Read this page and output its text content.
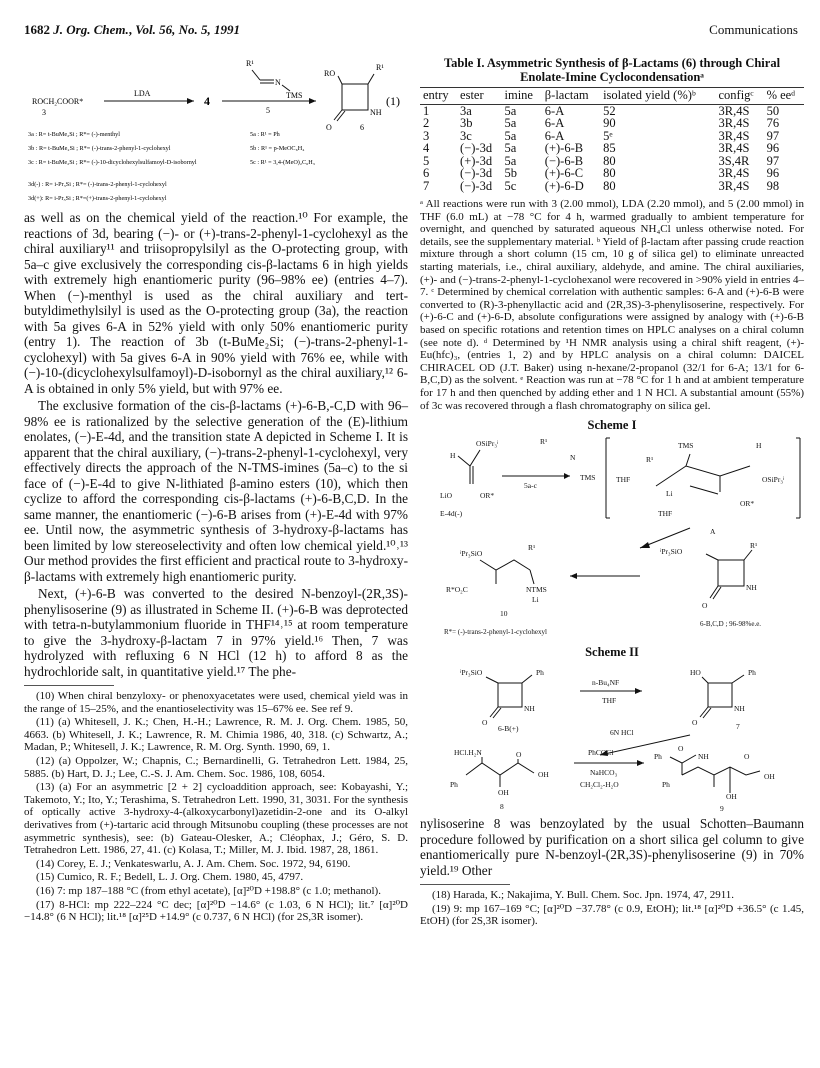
1682 J. Org. Chem., Vol. 56, No. 5, 1991	Communications
ROCH₂COOR*
3
LDA
4
R¹
N
TMS
5
RO
R¹
NH
O	6
(1)
3a : R= t-BuMe₂Si ; R*= (-)-menthyl
3b : R= t-BuMe₂Si ; R*= (-)-trans-2-phenyl-1-cyclohexyl
3c : R= t-BuMe₂Si ; R*= (-)-10-dicyclohexylsulfamoyl-D-isobornyl
3d(-) : R= i-Pr₃Si ; R*= (-)-trans-2-phenyl-1-cyclohexyl
3d(+): R= i-Pr₃Si ; R*=(+)-trans-2-phenyl-1-cyclohexyl
5a : R¹ = Ph
5b : R¹ = p-MeOC₆H₄
5c : R¹ = 3,4-(MeO)₂C₆H₃

as well as on the chemical yield of the reaction.¹⁰ For example, the reactions of 3d, bearing (−)- or (+)-trans-2-phenyl-1-cyclohexyl as the chiral auxiliary¹¹ and triisopropylsilyl as the O-protecting group, with 5a–c give exclusively the corresponding cis-β-lactams 6 in high yields with extremely high enantiomeric purity (96–98% ee) (entries 4–7). When (−)-menthyl is used as the chiral auxiliary and tert-butyldimethylsilyl is used as the O-protecting group (3a), the reaction with 5a gives 6-A in 52% yield with only 50% enantiomeric purity (entry 1). The reaction of 3b (t-BuMe₂Si; (−)-trans-2-phenyl-1-cyclohexyl) with 5a gives 6-A in 90% yield with 76% ee, while with (−)-10-(dicyclohexylsulfamoyl)-D-isobornyl as the chiral auxiliary,¹² 6-A is obtained in only 5% yield, but with 97% ee.

The exclusive formation of the cis-β-lactams (+)-6-B,-C,D with 96–98% ee is rationalized by the selective generation of the (E)-lithium enolates, (−)-E-4d, and the transition state A depicted in Scheme I. It is apparent that the chiral auxiliary, (−)-trans-2-phenyl-1-cyclohexyl, very effectively directs the approach of the N-TMS-imines (5a–c) to the si face of (−)-E-4d to give N-lithiated β-amino esters (10), which then cyclize to afford the corresponding cis-β-lactams (+)-6-B,C,D. In the same manner, the enantiomeric (−)-6-B arises from (+)-E-4d with 97% ee. Until now, the asymmetric synthesis of 3-hydroxy-β-lactams has been limited by low stereoselectivity and often low chemical yield.¹⁰˒¹³ Our method provides the first efficient and practical route to 3-hydroxy-β-lactams with extremely high enantiomeric purity.

Next, (+)-6-B was converted to the desired N-benzoyl-(2R,3S)-phenylisoserine (9) as illustrated in Scheme II. (+)-6-B was deprotected with tetra-n-butylammonium fluoride in THF¹⁴˒¹⁵ at room temperature to give the 3-hydroxy-β-lactam 7 in 97% yield.¹⁶ Then, 7 was hydrolyzed with refluxing 6 N HCl (12 h) to afford 8 as the hydrochloride salt, in quantitative yield.¹⁷ The phe-

(10) When chiral benzyloxy- or phenoxyacetates were used, chemical yield was in the range of 15–25%, and the enantioselectivity was 15–67% ee. See ref 9.

(11) (a) Whitesell, J. K.; Chen, H.-H.; Lawrence, R. M. J. Org. Chem. 1985, 50, 4663. (b) Whitesell, J. K.; Lawrence, R. M. Chimia 1986, 40, 318. (c) Schwartz, A.; Madan, P.; Whitesell, J. K.; Lawrence, R. M. Org. Synth. 1990, 69, 1.

(12) (a) Oppolzer, W.; Chapnis, C.; Bernardinelli, G. Tetrahedron Lett. 1984, 25, 5885. (b) Hart, D. J.; Lee, C.-S. J. Am. Chem. Soc. 1986, 108, 6054.

(13) (a) For an asymmetric [2 + 2] cycloaddition approach, see: Kobayashi, Y.; Takemoto, Y.; Ito, Y.; Terashima, S. Tetrahedron Lett. 1990, 31, 3031. For the synthesis of optically active 3-hydroxy-4-(alkoxycarbonyl)azetidin-2-one and its O-alkyl derivatives from (+)-tartaric acid through Mitsunobu coupling (these processes are not asymmetric synthesis), see: (b) Gateau-Olesker, A.; Cléophax, J.; Géro, S. D. Tetrahedron Lett. 1986, 27, 41. (c) Kolasa, T.; Miller, M. J. Ibid. 1987, 28, 1861.

(14) Corey, E. J.; Venkateswarlu, A. J. Am. Chem. Soc. 1972, 94, 6190.

(15) Cumico, R. F.; Bedell, L. J. Org. Chem. 1980, 45, 4797.

(16) 7: mp 187–188 °C (from ethyl acetate), [α]²⁰D +198.8° (c 1.0; methanol).

(17) 8-HCl: mp 222–224 °C dec; [α]²⁰D −14.6° (c 1.03, 6 N HCl); lit.⁷ [α]²⁰D −14.8° (6 N HCl); lit.¹⁸ [α]²⁵D +14.9° (c 0.737, 6 N HCl) (for 2S,3R isomer).

Table I. Asymmetric Synthesis of β-Lactams (6) through Chiral Enolate-Imine Cyclocondensationᵃ
entry	ester	imine	β-lactam	isolated yield (%)ᵇ	configᶜ	% eeᵈ
1	3a	5a	6-A	52	3R,4S	50
2	3b	5a	6-A	90	3R,4S	76
3	3c	5a	6-A	5ᵉ	3R,4S	97
4	(−)-3d	5a	(+)-6-B	85	3R,4S	96
5	(+)-3d	5a	(−)-6-B	80	3S,4R	97
6	(−)-3d	5b	(+)-6-C	80	3R,4S	96
7	(−)-3d	5c	(+)-6-D	80	3R,4S	98
ᵃ All reactions were run with 3 (2.00 mmol), LDA (2.20 mmol), and 5 (2.00 mmol) in THF (6.0 mL) at −78 °C for 4 h, warmed gradually to ambient temperature for overnight, and quenched by saturated aqueous NH₄Cl unless otherwise noted. For details, see the supplementary material. ᵇ Yield of β-lactam after passing crude reaction mixture through a short column (15 cm, 10 g of silica gel) to eliminate unreacted starting materials, i.e., chiral auxiliary, aldehyde, and amine. The chiral auxiliaries, (+)- and (−)-trans-2-phenyl-1-cyclohexanol were recovered in >90% yield in entries 4–7. ᶜ Determined by chemical correlation with authentic samples: 6-A and (+)-6-B were converted to (R)-3-phenyllactic acid and (2R,3S)-3-phenylisoserine, respectively. For (+)-6-C and (+)-6-D, absolute configurations were assigned by analogy with (+)-6-B based on specific rotations and retention times on HPLC analyses on a chiral column (see note d). ᵈ Determined by ¹H NMR analysis using a chiral shift reagent, (+)-Eu(hfc)₃, (entries 1, 2) and by HPLC analysis on a chiral column: DAICEL CHIRACEL OD (J.T. Baker) using n-hexane/2-propanol (32/1 for 6-A; 13/1 for 6-B,C,D) as the solvent. ᵉ Reaction was run at −78 °C for 1 h and at ambient temperature for 17 h and then quenched by adding ether and 1 N HCl. A substantial amount (55%) of 3c was recovered through a flash chromatography on silica gel.
Scheme I
H
OSiPr₃ⁱ
LiO	OR*
E-4d(-)
R¹
N
TMS
5a-c
TMS	H
R¹
THF
Li
OSiPr₃ⁱ
THF
OR*
A
ⁱPr₃SiO
R¹
R*O₂C	NTMS
Li
10
ⁱPr₃SiO
R¹
NH
O
6-B,C,D ; 96-98%e.e.
R*= (-)-trans-2-phenyl-1-cyclohexyl
Scheme II
ⁱPr₃SiO	Ph
NH
O
6-B(+)
n-Bu₄NF
THF
HO	Ph
NH
O	7
6N HCl
HCl.H₂N
Ph
OH
OH
O
8
PhCOCl
NaHCO₃
CH₂Cl₂-H₂O
Ph
O
NH
Ph
OH
OH
O
9

nylisoserine 8 was benzoylated by the usual Schotten–Baumann procedure followed by purification on a short silica gel column to give enantiomerically pure N-benzoyl-(2R,3S)-phenylisoserine (9) in 70% yield.¹⁹ Other

(18) Harada, K.; Nakajima, Y. Bull. Chem. Soc. Jpn. 1974, 47, 2911.

(19) 9: mp 167–169 °C; [α]²⁰D −37.78° (c 0.9, EtOH); lit.¹⁸ [α]²⁰D +36.5° (c 1.45, EtOH) (for 2S,3R isomer).
